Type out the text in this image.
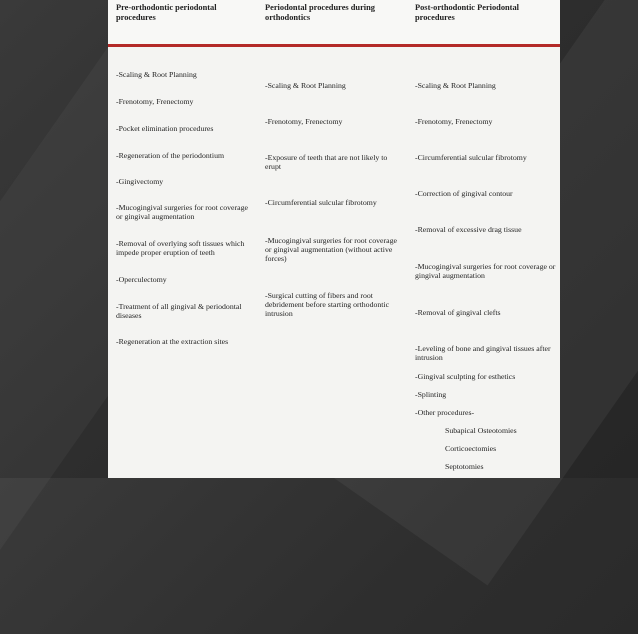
Pre-orthodontic periodontal procedures
Periodontal procedures during orthodontics
Post-orthodontic Periodontal procedures
-Scaling & Root Planning
-Frenotomy, Frenectomy
-Pocket elimination procedures
-Regeneration of the periodontium
-Gingivectomy
-Mucogingival surgeries for root coverage or gingival augmentation
-Removal of overlying soft tissues which impede proper eruption of teeth
-Operculectomy
-Treatment of all gingival & periodontal diseases
-Regeneration at the extraction sites
-Scaling & Root Planning
-Frenotomy, Frenectomy
-Exposure of teeth that are not likely to erupt
-Circumferential sulcular fibrotomy
-Mucogingival surgeries for root coverage or gingival augmentation (without active forces)
-Surgical cutting of fibers and root debridement before starting orthodontic intrusion
-Scaling & Root Planning
-Frenotomy, Frenectomy
-Circumferential sulcular fibrotomy
-Correction of gingival contour
-Removal of excessive drag tissue
-Mucogingival surgeries for root coverage or gingival augmentation
-Removal of gingival clefts
-Leveling of bone and gingival tissues after intrusion
-Gingival sculpting for esthetics
-Splinting
-Other procedures-
Subapical Osteotomies
Corticoectomies
Septotomies
